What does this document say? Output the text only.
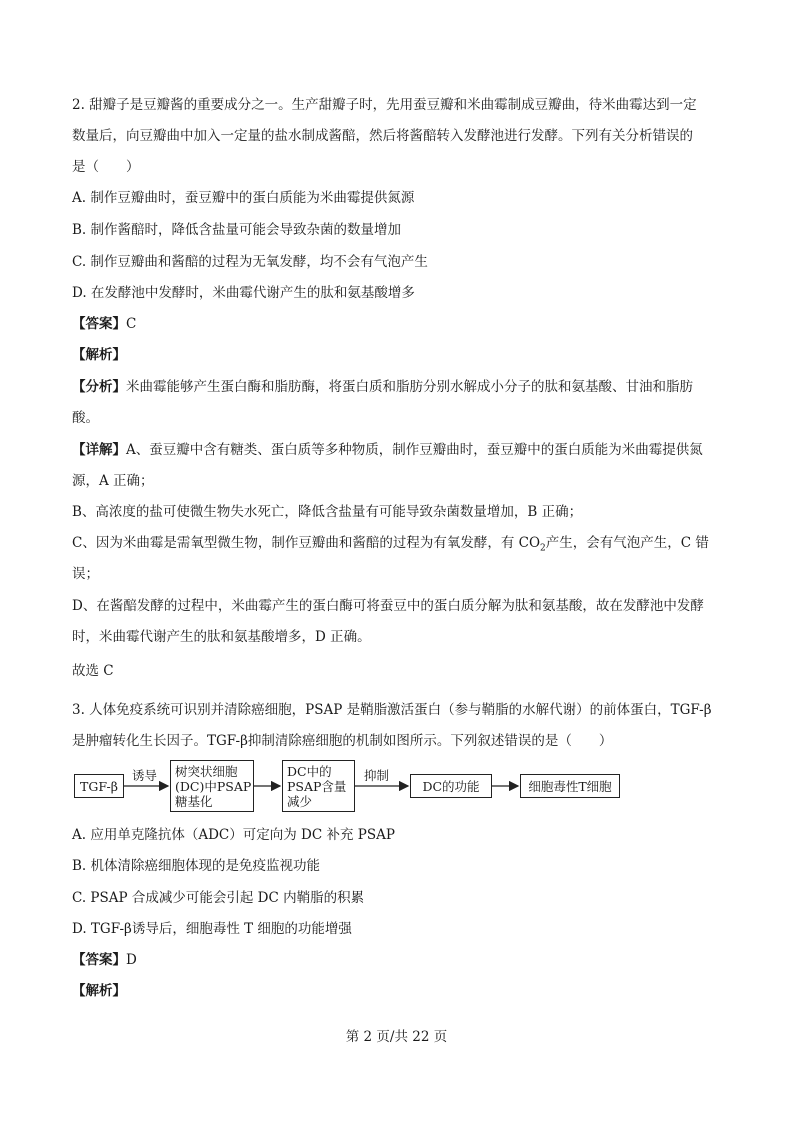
2. 甜瓣子是豆瓣酱的重要成分之一。生产甜瓣子时，先用蚕豆瓣和米曲霉制成豆瓣曲，待米曲霉达到一定
数量后，向豆瓣曲中加入一定量的盐水制成酱醅，然后将酱醅转入发酵池进行发酵。下列有关分析错误的
是（　　）
A. 制作豆瓣曲时，蚕豆瓣中的蛋白质能为米曲霉提供氮源
B. 制作酱醅时，降低含盐量可能会导致杂菌的数量增加
C. 制作豆瓣曲和酱醅的过程为无氧发酵，均不会有气泡产生
D. 在发酵池中发酵时，米曲霉代谢产生的肽和氨基酸增多
【答案】C
【解析】
【分析】米曲霉能够产生蛋白酶和脂肪酶，将蛋白质和脂肪分别水解成小分子的肽和氨基酸、甘油和脂肪
酸。
【详解】A、蚕豆瓣中含有糖类、蛋白质等多种物质，制作豆瓣曲时，蚕豆瓣中的蛋白质能为米曲霉提供氮
源，A 正确；
B、高浓度的盐可使微生物失水死亡，降低含盐量有可能导致杂菌数量增加，B 正确；
C、因为米曲霉是需氧型微生物，制作豆瓣曲和酱醅的过程为有氧发酵，有 $CO_2$产生，会有气泡产生，C 错
误；
D、在酱醅发酵的过程中，米曲霉产生的蛋白酶可将蚕豆中的蛋白质分解为肽和氨基酸，故在发酵池中发酵
时，米曲霉代谢产生的肽和氨基酸增多，D 正确。
故选 C
3. 人体免疫系统可识别并清除癌细胞，PSAP 是鞘脂激活蛋白（参与鞘脂的水解代谢）的前体蛋白，TGF-β
是肿瘤转化生长因子。TGF-β抑制清除癌细胞的机制如图所示。下列叙述错误的是（　　）
TGF-β
诱导 树突状细胞
(DC)中PSAP
糖基化
DC中的
PSAP含量
减少
抑制
DC的功能	细胞毒性T细胞
A. 应用单克隆抗体（ADC）可定向为 DC 补充 PSAP
B. 机体清除癌细胞体现的是免疫监视功能
C. PSAP 合成减少可能会引起 DC 内鞘脂的积累
D. TGF-β诱导后，细胞毒性 T 细胞的功能增强
【答案】D
【解析】
第 2 页/共 22 页
